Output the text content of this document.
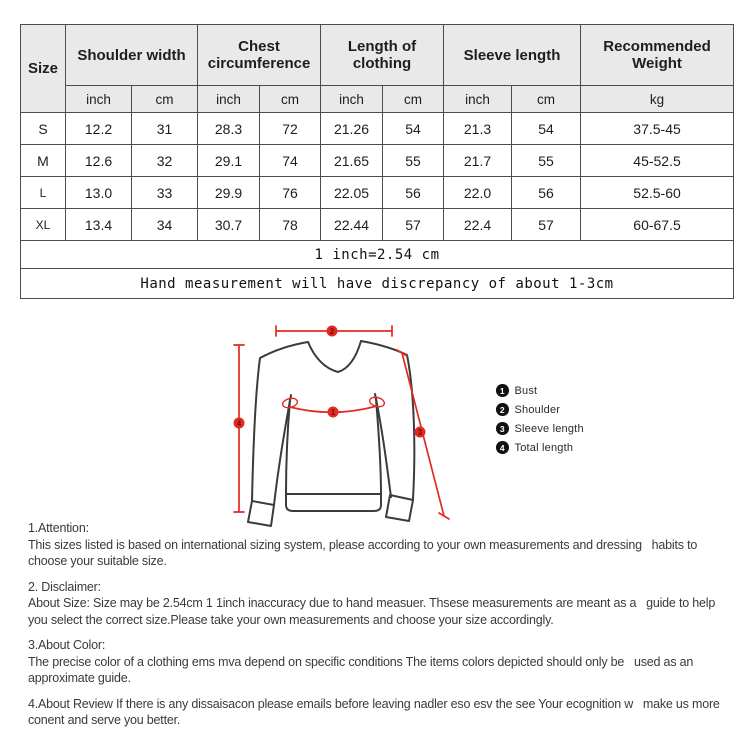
Size	Shoulder width		Chest circumference		Length of clothing		Sleeve length		Recommended Weight
	inch	cm	inch	cm	inch	cm	inch	cm	kg
S	12.2	31	28.3	72	21.26	54	21.3	54	37.5-45
M	12.6	32	29.1	74	21.65	55	21.7	55	45-52.5
L	13.0	33	29.9	76	22.05	56	22.0	56	52.5-60
XL	13.4	34	30.7	78	22.44	57	22.4	57	60-67.5
1 inch=2.54 cm									
Hand measurement will have discrepancy of about 1-3cm									
2
4
1
3
1 Bust
2 Shoulder
3 Sleeve length
4 Total length

1.Attention:

This sizes listed is based on international sizing system, please according to your own measurements and dressing   habits to choose your suitable size.

2. Disclaimer:

About Size: Size may be 2.54cm 1 1inch inaccuracy due to hand measuer. Thsese measurements are meant as a   guide to help you select the correct size.Please take your own measurements and choose your size accordingly.

3.About Color:

The precise color of a clothing ems mva depend on specific conditions The items colors depicted should only be   used as an approximate guide.

4.About Review If there is any dissaisacon please emails before leaving nadler eso esv the see Your ecognition w   make us more conent and serve you better.
